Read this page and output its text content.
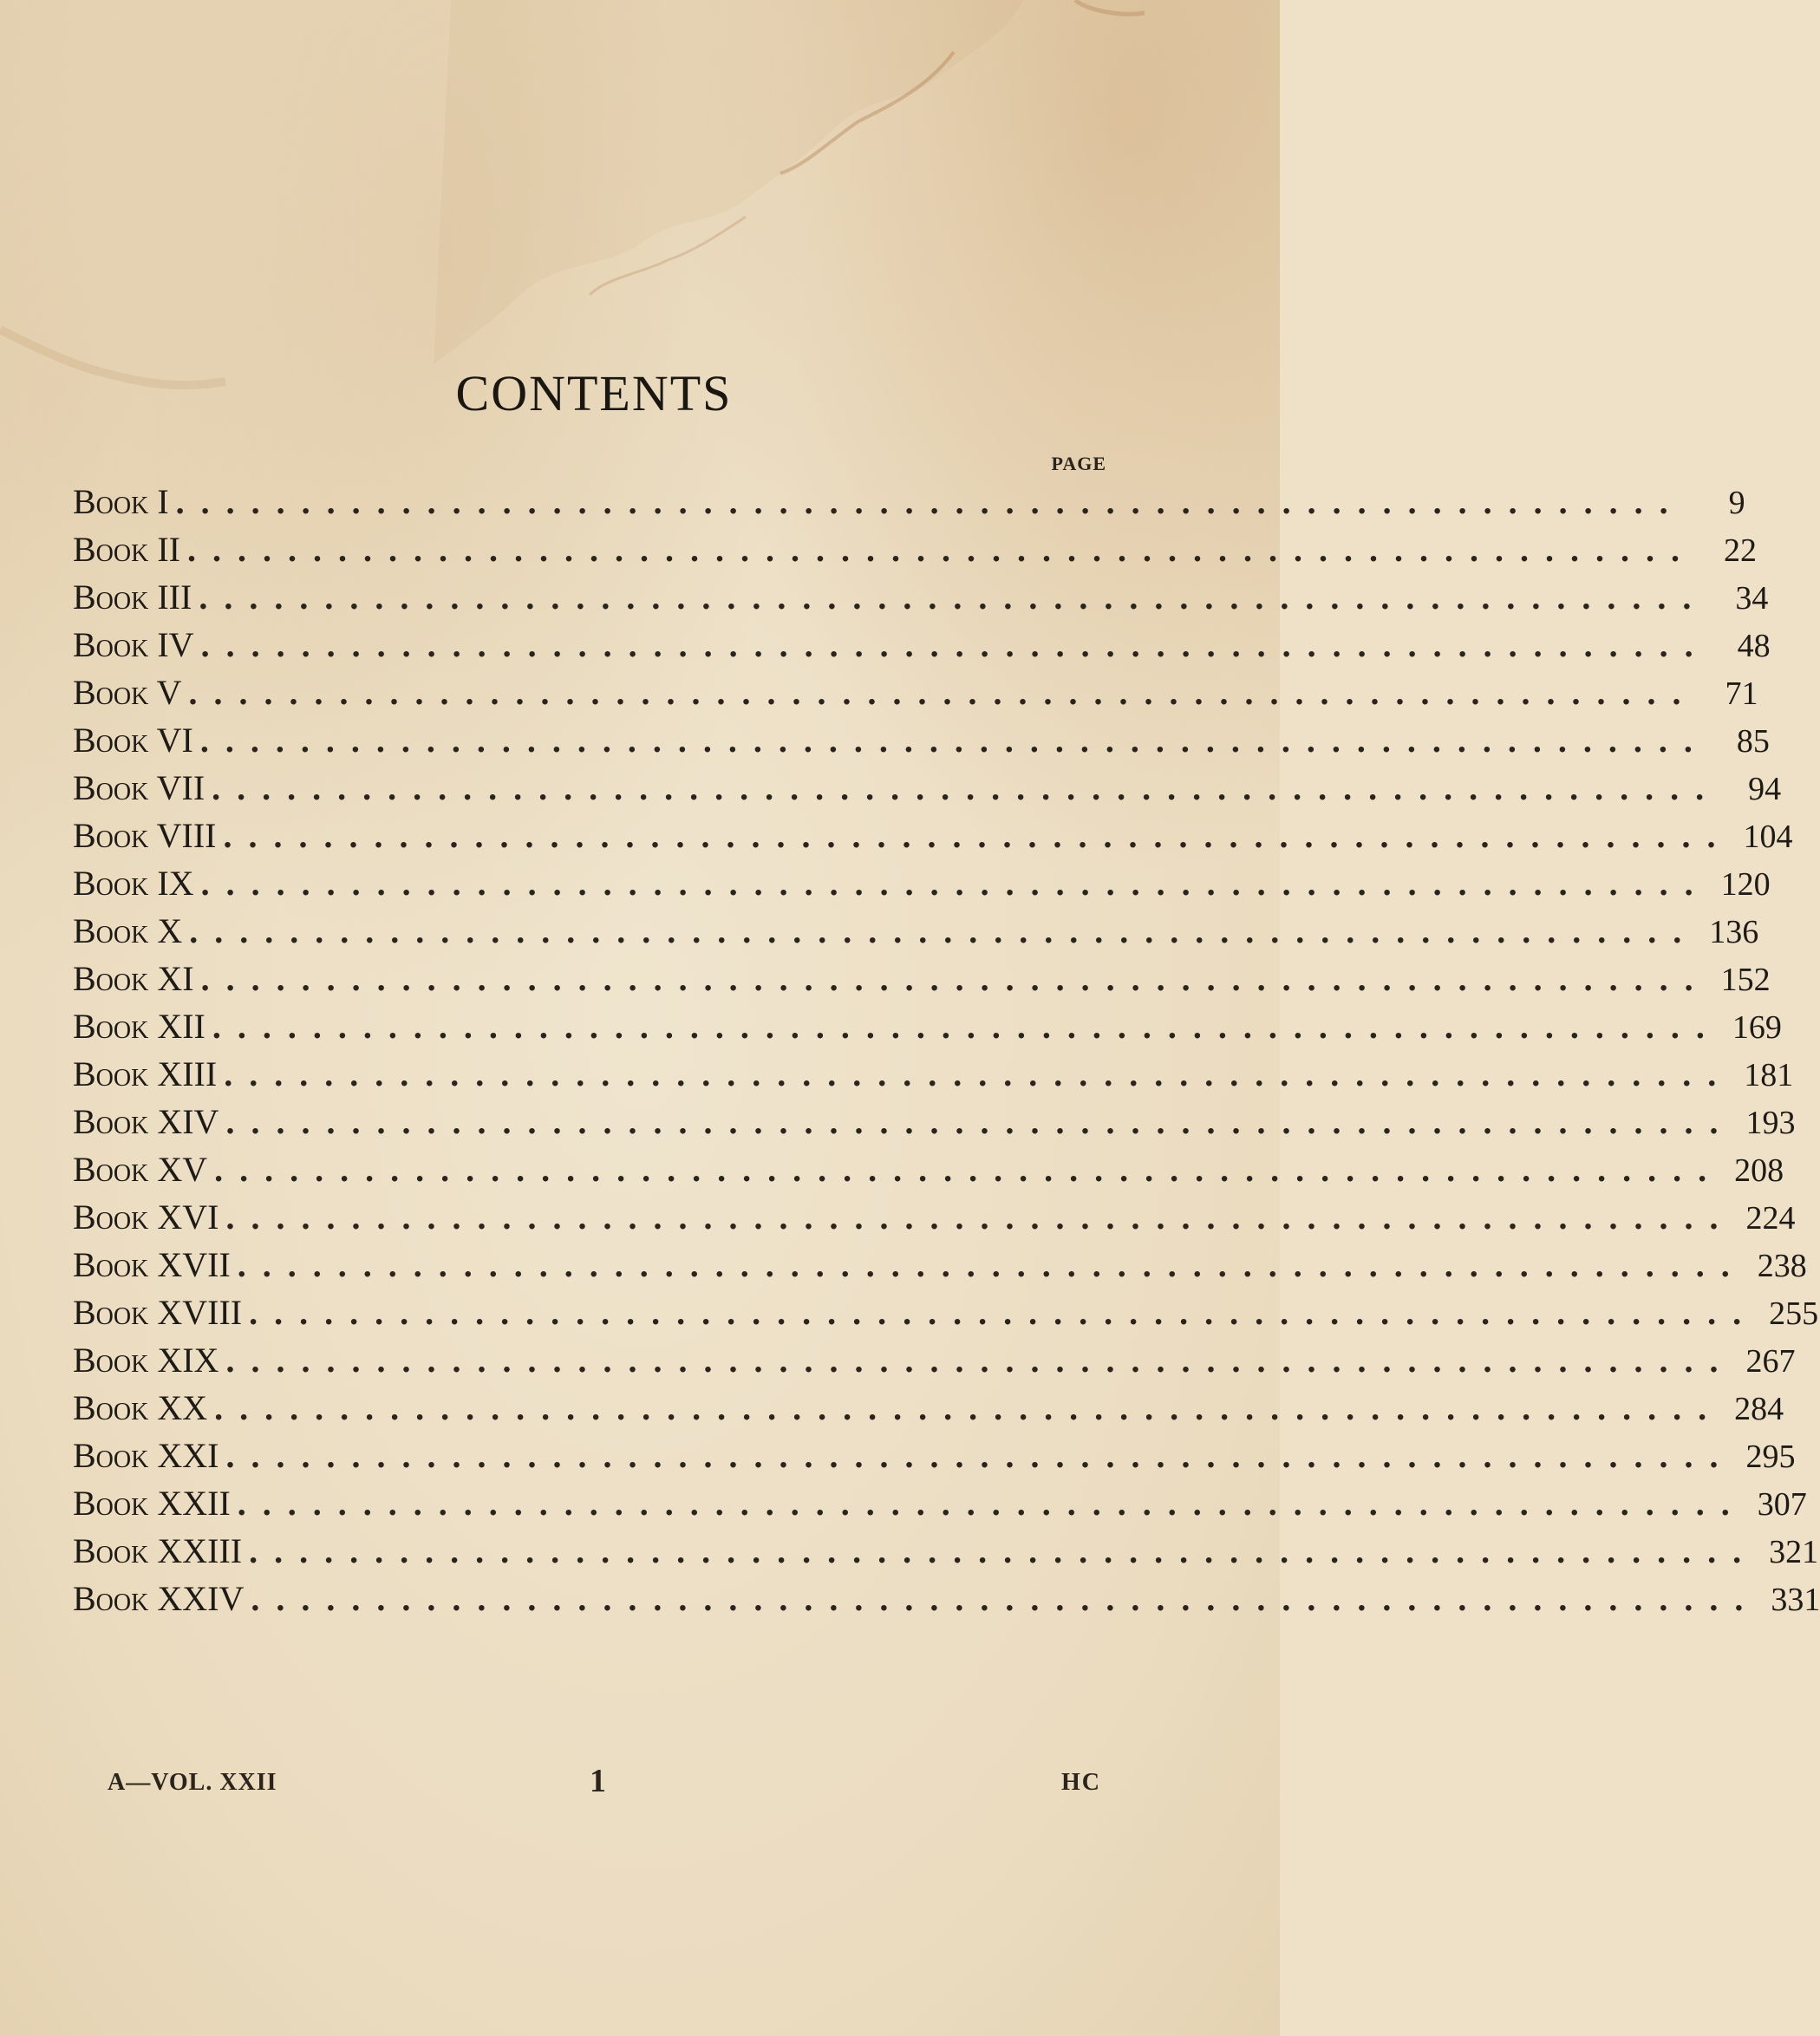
CONTENTS
PAGE
Book I ............................................................	9
Book II ............................................................ 22
Book III ............................................................ 34
Book IV ............................................................ 48
Book V ............................................................ 71
Book VI ............................................................ 85
Book VII ............................................................ 94
Book VIII ............................................................ 104
Book IX ............................................................ 120
Book X ............................................................ 136
Book XI ............................................................ 152
Book XII ............................................................ 169
Book XIII ............................................................ 181
Book XIV ............................................................ 193
Book XV ............................................................ 208
Book XVI ............................................................ 224
Book XVII ............................................................ 238
Book XVIII ............................................................ 255
Book XIX ............................................................ 267
Book XX ............................................................ 284
Book XXI ............................................................ 295
Book XXII ............................................................ 307
Book XXIII ............................................................ 321
Book XXIV ............................................................ 331
A—VOL. XXII	1	HC
